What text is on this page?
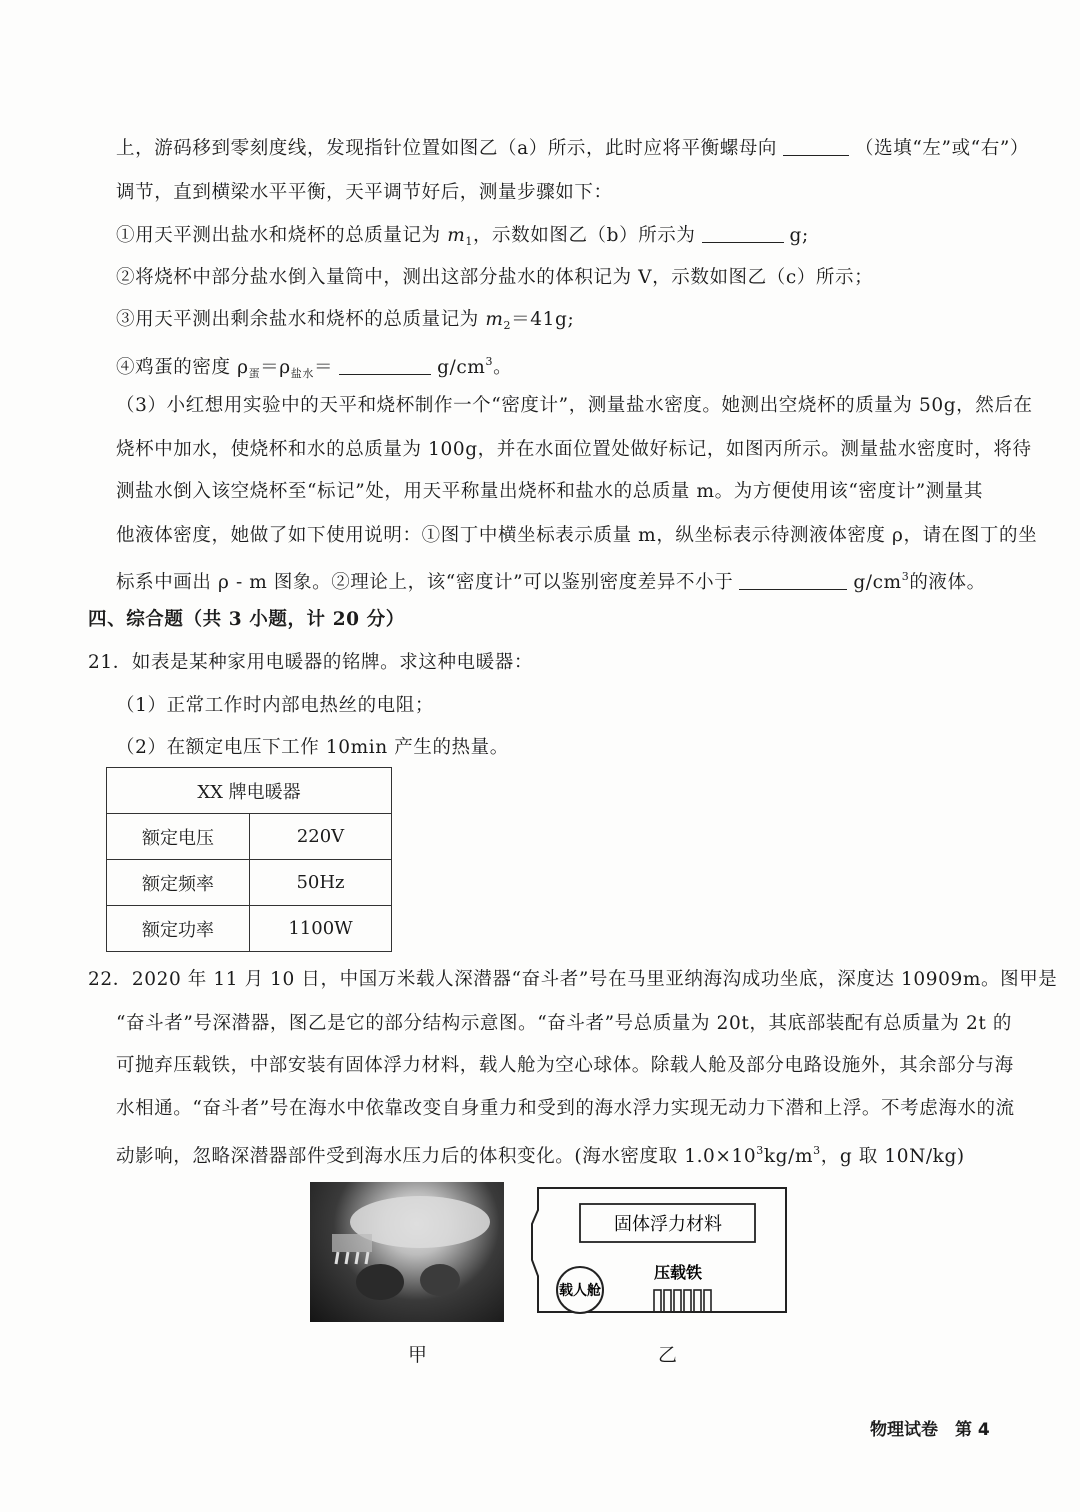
上，游码移到零刻度线，发现指针位置如图乙（a）所示，此时应将平衡螺母向	（选填“左”或“右”）
调节，直到横梁水平平衡，天平调节好后，测量步骤如下：
①用天平测出盐水和烧杯的总质量记为 $m_1$，示数如图乙（b）所示为	g;
②将烧杯中部分盐水倒入量筒中，测出这部分盐水的体积记为 V，示数如图乙（c）所示；
③用天平测出剩余盐水和烧杯的总质量记为 $m_2=41g$;
④鸡蛋的密度 $\rho_蛋=\rho_{盐水}=$	$g/cm^3$。
（3）小红想用实验中的天平和烧杯制作一个“密度计”，测量盐水密度。她测出空烧杯的质量为 50g，然后在
烧杯中加水，使烧杯和水的总质量为 100g，并在水面位置处做好标记，如图丙所示。测量盐水密度时，将待
测盐水倒入该空烧杯至“标记”处，用天平称量出烧杯和盐水的总质量 m。为方便使用该“密度计”测量其
他液体密度，她做了如下使用说明：①图丁中横坐标表示质量 m，纵坐标表示待测液体密度 ρ，请在图丁的坐
标系中画出 ρ - m 图象。②理论上，该“密度计”可以鉴别密度差异不小于	$g/cm^3$的液体。
四、综合题（共 3 小题，计 20 分）
21．如表是某种家用电暖器的铭牌。求这种电暖器：
（1）正常工作时内部电热丝的电阻；
（2）在额定电压下工作 10min 产生的热量。
XX 牌电暖器	
额定电压	220V
额定频率	50Hz
额定功率	1100W
22．2020 年 11 月 10 日，中国万米载人深潜器“奋斗者”号在马里亚纳海沟成功坐底，深度达 10909m。图甲是
“奋斗者”号深潜器，图乙是它的部分结构示意图。“奋斗者”号总质量为 20t，其底部装配有总质量为 2t 的
可抛弃压载铁，中部安装有固体浮力材料，载人舱为空心球体。除载人舱及部分电路设施外，其余部分与海
水相通。“奋斗者”号在海水中依靠改变自身重力和受到的海水浮力实现无动力下潜和上浮。不考虑海水的流
动影响，忽略深潜器部件受到海水压力后的体积变化。(海水密度取 $1.0\times 10^3kg/m^3$，g 取 10N/kg)
固体浮力材料
载人舱
压载铁
甲	乙
物理试卷　第 4
